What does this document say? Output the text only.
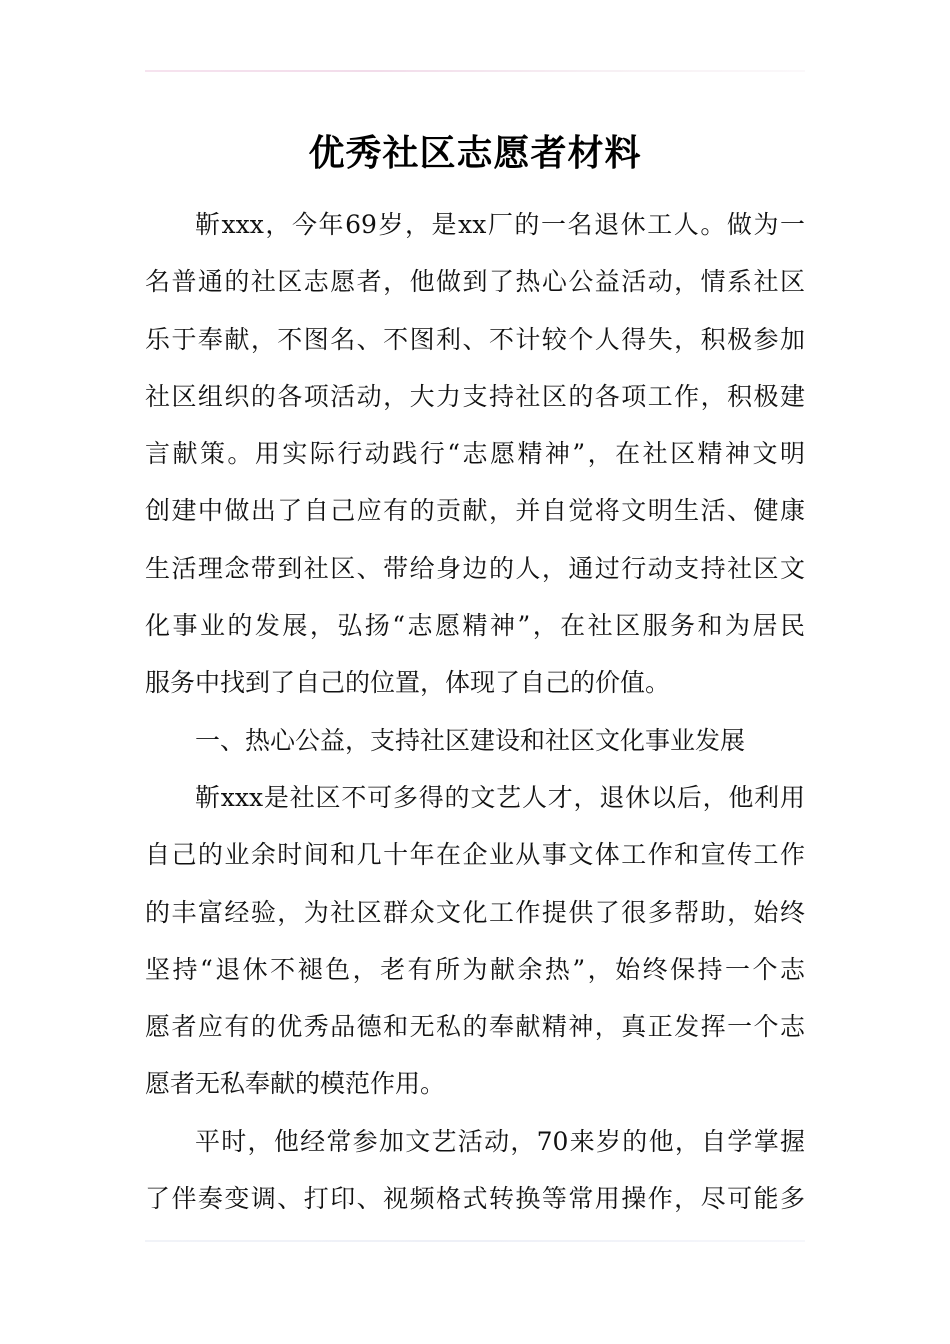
优秀社区志愿者材料
靳xxx，今年69岁，是xx厂的一名退休工人。做为一
名普通的社区志愿者，他做到了热心公益活动，情系社区
乐于奉献，不图名、不图利、不计较个人得失，积极参加
社区组织的各项活动，大力支持社区的各项工作，积极建
言献策。用实际行动践行“志愿精神”，在社区精神文明
创建中做出了自己应有的贡献，并自觉将文明生活、健康
生活理念带到社区、带给身边的人，通过行动支持社区文
化事业的发展，弘扬“志愿精神”，在社区服务和为居民
服务中找到了自己的位置，体现了自己的价值。
一、热心公益，支持社区建设和社区文化事业发展
靳xxx是社区不可多得的文艺人才，退休以后，他利用
自己的业余时间和几十年在企业从事文体工作和宣传工作
的丰富经验，为社区群众文化工作提供了很多帮助，始终
坚持“退休不褪色，老有所为献余热”，始终保持一个志
愿者应有的优秀品德和无私的奉献精神，真正发挥一个志
愿者无私奉献的模范作用。
平时，他经常参加文艺活动，70来岁的他，自学掌握
了伴奏变调、打印、视频格式转换等常用操作，尽可能多
